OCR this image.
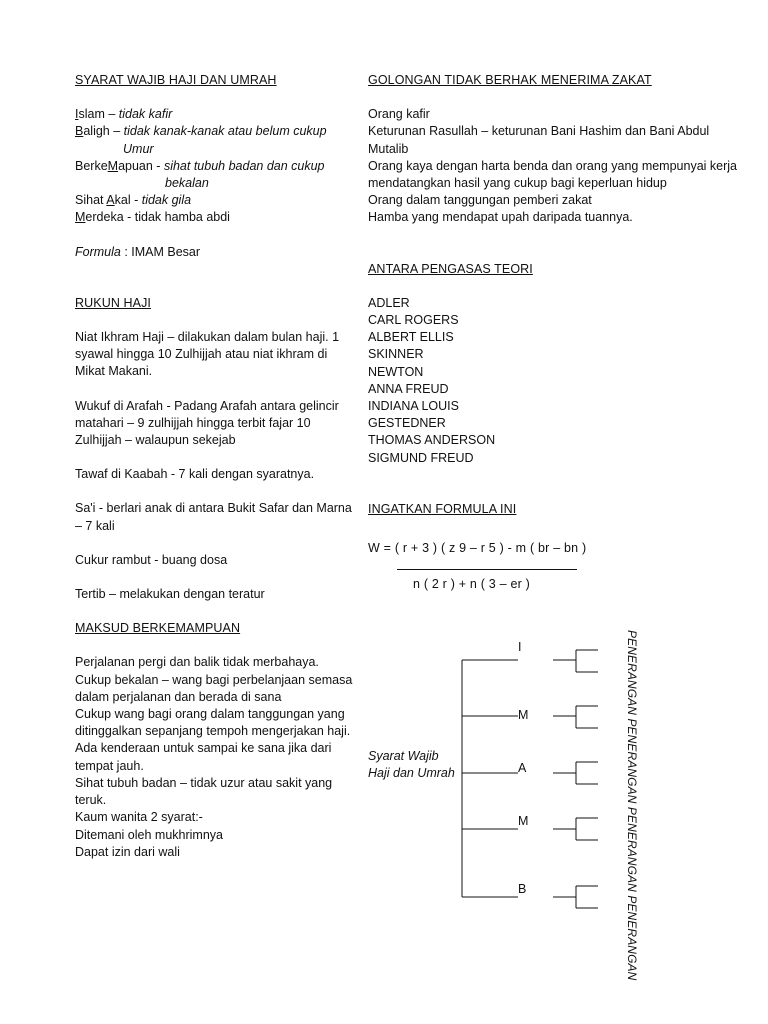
SYARAT WAJIB HAJI DAN UMRAH

Islam – tidak kafir

Baligh – tidak kanak-kanak atau belum cukup

Umur

BerkeMapuan - sihat tubuh badan dan cukup

bekalan

Sihat Akal - tidak gila

Merdeka - tidak hamba abdi

Formula : IMAM Besar

RUKUN HAJI

Niat Ikhram Haji – dilakukan dalam bulan haji. 1 syawal hingga 10 Zulhijjah atau niat ikhram di Mikat Makani.

Wukuf di Arafah - Padang Arafah antara gelincir matahari – 9 zulhijjah hingga terbit fajar 10 Zulhijjah – walaupun sekejab

Tawaf di Kaabah - 7 kali dengan syaratnya.

Sa'i - berlari anak di antara Bukit Safar dan Marna – 7 kali

Cukur rambut - buang dosa

Tertib – melakukan dengan teratur

MAKSUD BERKEMAMPUAN

Perjalanan pergi dan balik tidak merbahaya.

Cukup bekalan – wang bagi perbelanjaan semasa dalam perjalanan dan berada di sana

Cukup wang bagi orang dalam tanggungan yang ditinggalkan sepanjang tempoh mengerjakan haji.

Ada kenderaan untuk sampai ke sana jika dari tempat jauh.

Sihat tubuh badan – tidak uzur atau sakit yang teruk.

Kaum wanita 2 syarat:-

Ditemani oleh mukhrimnya

Dapat izin dari wali

GOLONGAN TIDAK BERHAK MENERIMA ZAKAT

Orang kafir

Keturunan Rasullah – keturunan Bani Hashim dan Bani Abdul Mutalib

Orang kaya dengan harta benda dan orang yang mempunyai kerja mendatangkan hasil yang cukup bagi keperluan hidup

Orang dalam tanggungan pemberi zakat

Hamba yang mendapat upah daripada tuannya.

ANTARA PENGASAS TEORI

ADLER

CARL ROGERS

ALBERT ELLIS

SKINNER

NEWTON

ANNA FREUD

INDIANA LOUIS

GESTEDNER

THOMAS ANDERSON

SIGMUND FREUD

INGATKAN FORMULA INI
W = ( r + 3 ) ( z 9 – r 5 ) - m ( br – bn )
n ( 2 r ) + n ( 3 – er )
Syarat Wajib
Haji dan Umrah
I
M
A
M
B	PENERANGAN PENERANGAN PENERANGAN PENERANGAN
